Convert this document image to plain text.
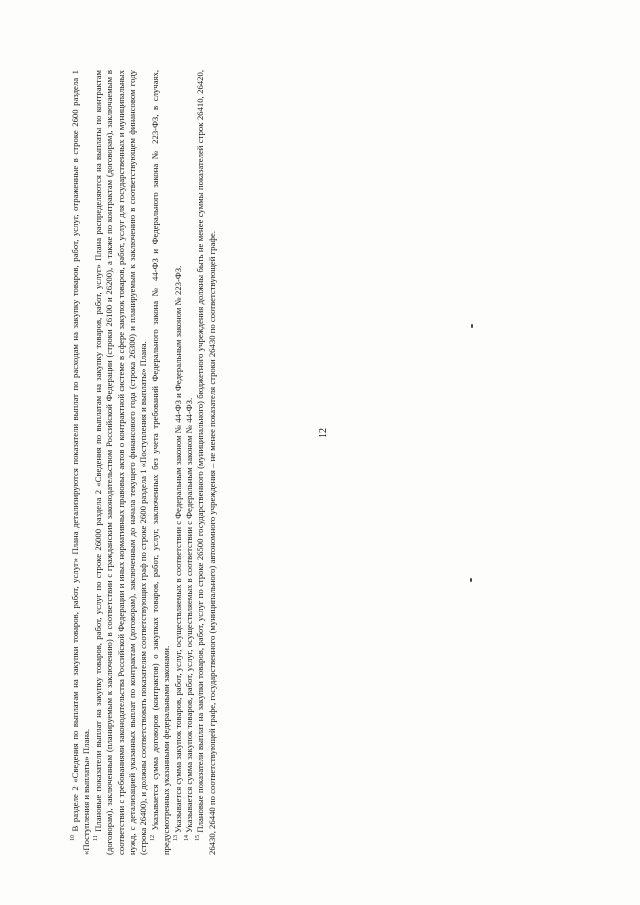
12

$^{10}$ В разделе 2 «Сведения по выплатам на закупки товаров, работ, услуг» Плана детализируются показатели выплат по расходам на закупку товаров, работ, услуг, отраженные в строке 2600 раздела 1 «Поступления и выплаты» Плана. $^{11}$ Плановые показатели выплат на закупку товаров, работ, услуг по строке 26000 раздела 2 «Сведения по выплатам на закупку товаров, работ, услуг» Плана распределяются на выплаты по контрактам (договорам), заключенным (планируемым к заключению) в соответствии с гражданским законодательством Российской Федерации (строки 26100 и 26200), а также по контрактам (договорам), заключаемым в соответствии с требованиями законодательства Российской Федерации и иных нормативных правовых актов о контрактной системе в сфере закупок товаров, работ, услуг для государственных и муниципальных нужд, с детализацией указанных выплат по контрактам (договорам), заключенным до начала текущего финансового года (строка 26300) и планируемым к заключению в соответствующем финансовом году (строка 26400), и должны соответствовать показателям соответствующих граф по строке 2600 раздела 1 «Поступления и выплаты» Плана. $^{12}$ Указывается сумма договоров (контрактов) о закупках товаров, работ, услуг, заключенных без учета требований Федерального закона № 44-ФЗ и Федерального закона № 223-ФЗ, в случаях, предусмотренных указанными федеральными законами. $^{13}$ Указывается сумма закупок товаров, работ, услуг, осуществляемых в соответствии с Федеральным законом № 44-ФЗ и Федеральным законом № 223-ФЗ.

$^{14}$ Указывается сумма закупок товаров, работ, услуг, осуществляемых в соответствии с Федеральным законом № 44-ФЗ.

$^{15}$ Плановые показатели выплат на закупки товаров, работ, услуг по строке 26500 государственного (муниципального) бюджетного учреждения должны быть не менее суммы показателей строк 26410, 26420, 26430, 26440 по соответствующей графе, государственного (муниципального) автономного учреждения – не менее показателя строки 26430 по соответствующей графе.
